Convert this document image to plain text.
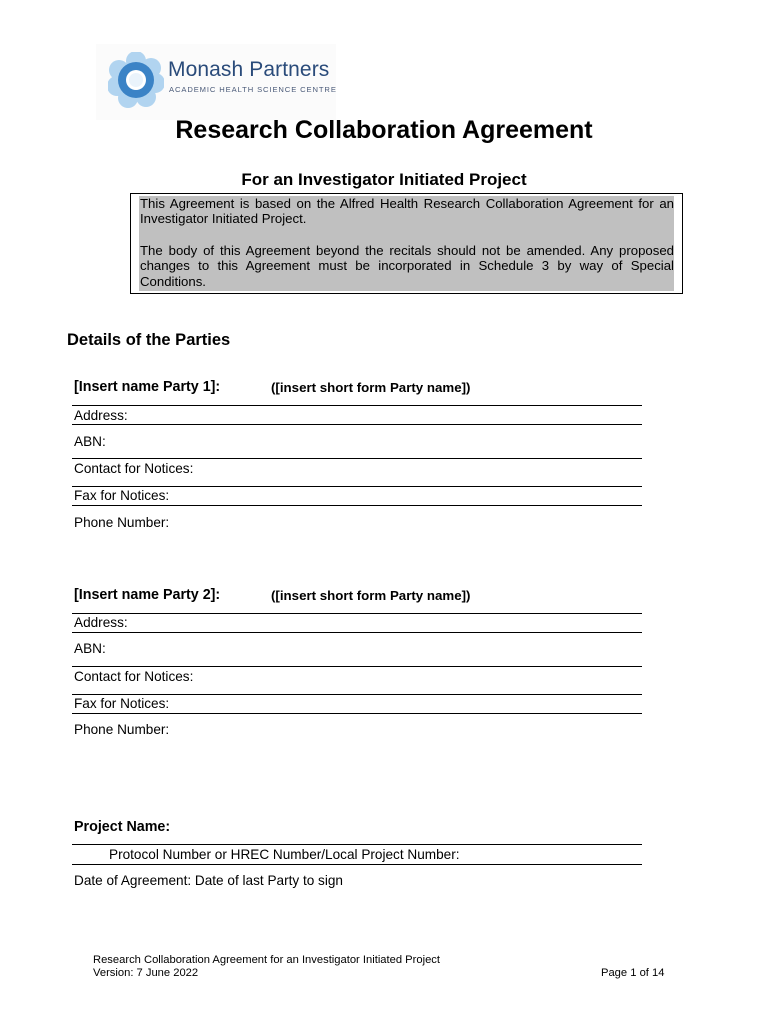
Monash Partners
ACADEMIC HEALTH SCIENCE CENTRE
Research Collaboration Agreement
For an Investigator Initiated Project
This Agreement is based on the Alfred Health Research Collaboration Agreement for an Investigator Initiated Project.
The body of this Agreement beyond the recitals should not be amended. Any proposed changes to this Agreement must be incorporated in Schedule 3 by way of Special Conditions.
Details of the Parties
[Insert name Party 1]:	([insert short form Party name])
Address:
ABN:
Contact for Notices:
Fax for Notices:
Phone Number:
[Insert name Party 2]:	([insert short form Party name])
Address:
ABN:
Contact for Notices:
Fax for Notices:
Phone Number:
Project Name:
Protocol Number or HREC Number/Local Project Number:
Date of Agreement: Date of last Party to sign
Research Collaboration Agreement for an Investigator Initiated Project
Version: 7 June 2022	Page 1 of 14
